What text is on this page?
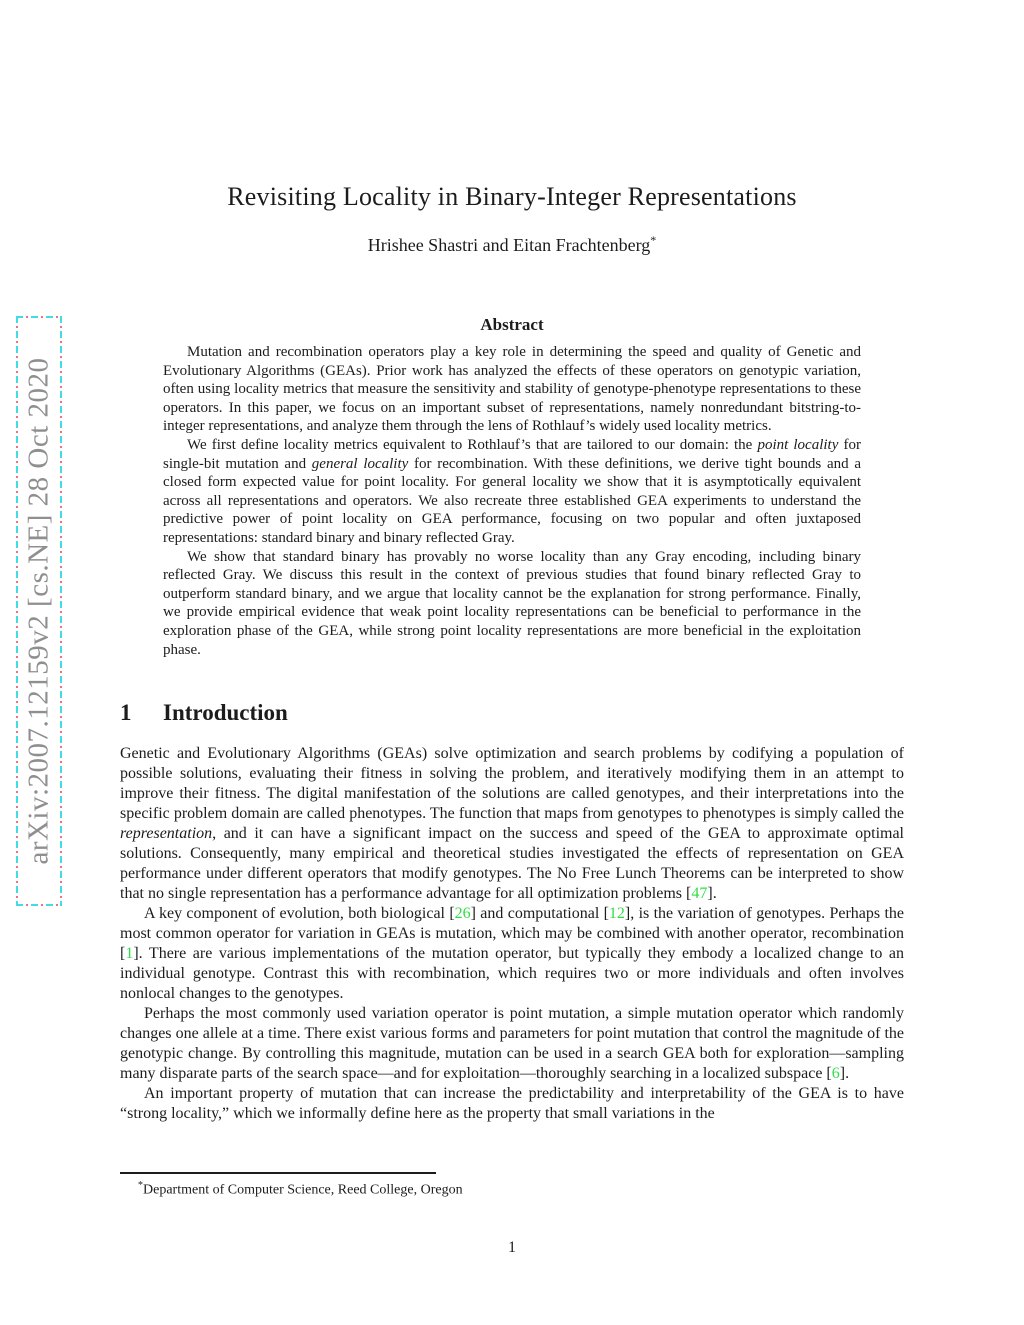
arXiv:2007.12159v2 [cs.NE] 28 Oct 2020
Revisiting Locality in Binary-Integer Representations
Hrishee Shastri and Eitan Frachtenberg*
Abstract

Mutation and recombination operators play a key role in determining the speed and quality of Genetic and Evolutionary Algorithms (GEAs). Prior work has analyzed the effects of these operators on genotypic variation, often using locality metrics that measure the sensitivity and stability of genotype-phenotype representations to these operators. In this paper, we focus on an important subset of representations, namely nonredundant bitstring-to-integer representations, and analyze them through the lens of Rothlauf’s widely used locality metrics.

We first define locality metrics equivalent to Rothlauf’s that are tailored to our domain: the point locality for single-bit mutation and general locality for recombination. With these definitions, we derive tight bounds and a closed form expected value for point locality. For general locality we show that it is asymptotically equivalent across all representations and operators. We also recreate three established GEA experiments to understand the predictive power of point locality on GEA performance, focusing on two popular and often juxtaposed representations: standard binary and binary reflected Gray.

We show that standard binary has provably no worse locality than any Gray encoding, including binary reflected Gray. We discuss this result in the context of previous studies that found binary reflected Gray to outperform standard binary, and we argue that locality cannot be the explanation for strong performance. Finally, we provide empirical evidence that weak point locality representations can be beneficial to performance in the exploration phase of the GEA, while strong point locality representations are more beneficial in the exploitation phase.

1 Introduction

Genetic and Evolutionary Algorithms (GEAs) solve optimization and search problems by codifying a population of possible solutions, evaluating their fitness in solving the problem, and iteratively modifying them in an attempt to improve their fitness. The digital manifestation of the solutions are called genotypes, and their interpretations into the specific problem domain are called phenotypes. The function that maps from genotypes to phenotypes is simply called the representation, and it can have a significant impact on the success and speed of the GEA to approximate optimal solutions. Consequently, many empirical and theoretical studies investigated the effects of representation on GEA performance under different operators that modify genotypes. The No Free Lunch Theorems can be interpreted to show that no single representation has a performance advantage for all optimization problems [47].

A key component of evolution, both biological [26] and computational [12], is the variation of genotypes. Perhaps the most common operator for variation in GEAs is mutation, which may be combined with another operator, recombination [1]. There are various implementations of the mutation operator, but typically they embody a localized change to an individual genotype. Contrast this with recombination, which requires two or more individuals and often involves nonlocal changes to the genotypes.

Perhaps the most commonly used variation operator is point mutation, a simple mutation operator which randomly changes one allele at a time. There exist various forms and parameters for point mutation that control the magnitude of the genotypic change. By controlling this magnitude, mutation can be used in a search GEA both for exploration—sampling many disparate parts of the search space—and for exploitation—thoroughly searching in a localized subspace [6].

An important property of mutation that can increase the predictability and interpretability of the GEA is to have “strong locality,” which we informally define here as the property that small variations in the

*Department of Computer Science, Reed College, Oregon
1
